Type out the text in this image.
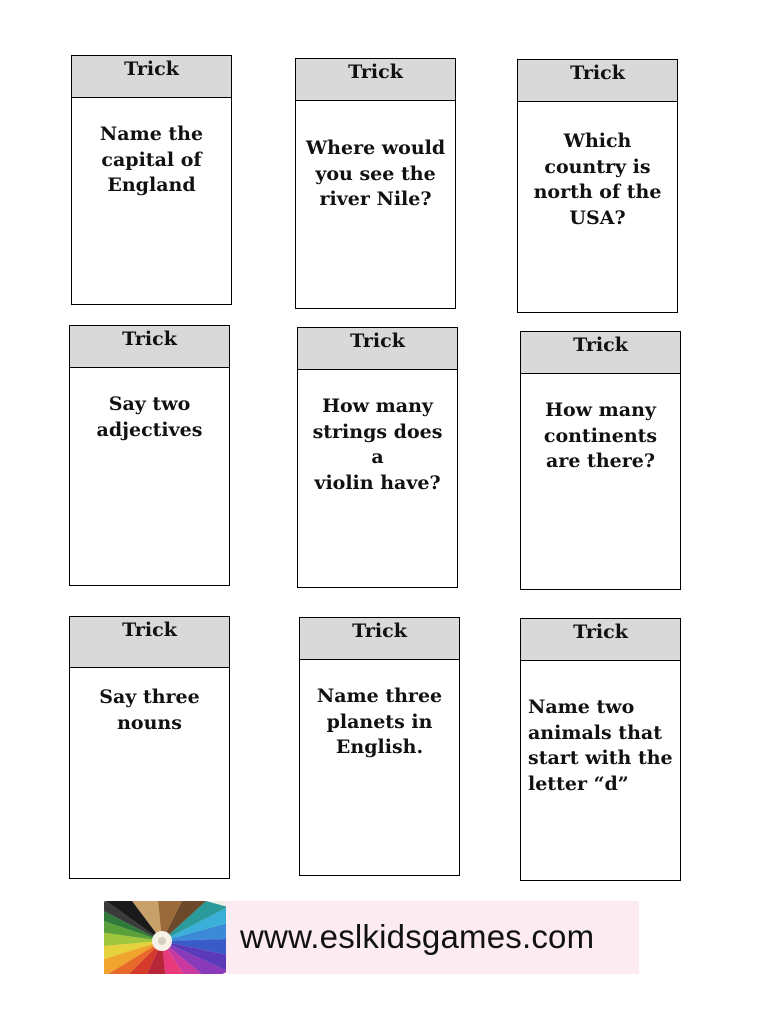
Trick
Name the
capital of
England
Trick
Where would
you see the
river Nile?
Trick
Which
country is
north of the
USA?
Trick
Say two
adjectives
Trick
How many
strings does a
violin have?
Trick
How many
continents
are there?
Trick
Say three
nouns
Trick
Name three
planets in
English.
Trick
Name two
animals that
start with the
letter “d”
www.eslkidsgames.com
